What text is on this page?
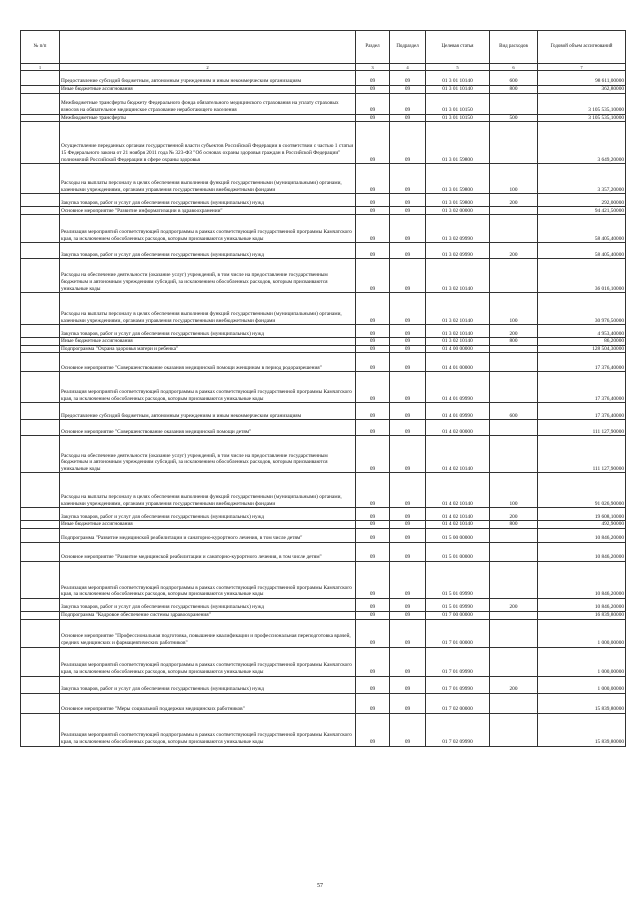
№ п/п		Раздел	Подраздел	Целевая статья	Вид расходов	Годовой объем ассигнований
1	2	3	4	5	6	7
	Предоставление субсидий бюджетным, автономным учреждениям и иным некоммерческим организациям	09	09	01 3 01 10140	600	98 611,00000
	Иные бюджетные ассигнования	09	09	01 3 01 10140	800	362,80000
	Межбюджетные трансферты бюджету Федерального фонда обязательного медицинского страхования на уплату страховых взносов на обязательное медицинское страхование неработающего населения	09	09	01 3 01 10150		3 105 535,10000
	Межбюджетные трансферты	09	09	01 3 01 10150	500	3 105 535,10000
	Осуществление переданных органам государственной власти субъектов Российской Федерации в соответствии с частью 1 статьи 15 Федерального закона от 21 ноября 2011 года № 323-ФЗ "Об основах охраны здоровья граждан в Российской Федерации" полномочий Российской Федерации в сфере охраны здоровья	09	09	01 3 01 59800		3 649,20000
	Расходы на выплаты персоналу в целях обеспечения выполнения функций государственными (муниципальными) органами, казенными учреждениями, органами управления государственными внебюджетными фондами	09	09	01 3 01 59800	100	3 357,20000
	Закупка товаров, работ и услуг для обеспечения государственных (муниципальных) нужд	09	09	01 3 01 59800	200	292,00000
	Основное мероприятие "Развитие информатизации в здравоохранении"	09	09	01 3 02 00000		94 421,50000
	Реализация мероприятий соответствующей подпрограммы в рамках соответствующей государственной программы Камчатского края, за исключением обособленных расходов, которым присваиваются уникальные коды	09	09	01 3 02 09990		58 405,40000
	Закупка товаров, работ и услуг для обеспечения государственных (муниципальных) нужд	09	09	01 3 02 09990	200	58 405,40000
	Расходы на обеспечение деятельности (оказание услуг) учреждений, в том числе на предоставление государственным бюджетным и автономным учреждениям субсидий, за исключением обособленных расходов, которым присваиваются уникальные коды	09	09	01 3 02 10140		36 016,10000
	Расходы на выплаты персоналу в целях обеспечения выполнения функций государственными (муниципальными) органами, казенными учреждениями, органами управления государственными внебюджетными фондами	09	09	01 3 02 10140	100	30 976,50000
	Закупка товаров, работ и услуг для обеспечения государственных (муниципальных) нужд	09	09	01 3 02 10140	200	4 953,40000
	Иные бюджетные ассигнования	09	09	01 3 02 10140	800	86,20000
	Подпрограмма "Охрана здоровья матери и ребенка"	09	09	01 4 00 00000		128 504,30000
	Основное мероприятие "Совершенствование оказания медицинской помощи женщинам в период родоразрешения"	09	09	01 4 01 00000		17 376,40000
	Реализация мероприятий соответствующей подпрограммы в рамках соответствующей государственной программы Камчатского края, за исключением обособленных расходов, которым присваиваются уникальные коды	09	09	01 4 01 09990		17 376,40000
	Предоставление субсидий бюджетным, автономным учреждениям и иным некоммерческим организациям	09	09	01 4 01 09990	600	17 376,40000
	Основное мероприятие "Совершенствование оказания медицинской помощи детям"	09	09	01 4 02 00000		111 127,90000
	Расходы на обеспечение деятельности (оказание услуг) учреждений, в том числе на предоставление государственным бюджетным и автономным учреждениям субсидий, за исключением обособленных расходов, которым присваиваются уникальные коды	09	09	01 4 02 10140		111 127,90000
	Расходы на выплаты персоналу в целях обеспечения выполнения функций государственными (муниципальными) органами, казенными учреждениями, органами управления государственными внебюджетными фондами	09	09	01 4 02 10140	100	91 026,90000
	Закупка товаров, работ и услуг для обеспечения государственных (муниципальных) нужд	09	09	01 4 02 10140	200	19 608,10000
	Иные бюджетные ассигнования	09	09	01 4 02 10140	800	492,90000
	Подпрограмма "Развитие медицинской реабилитации и санаторно-курортного лечения, в том числе детям"	09	09	01 5 00 00000		10 846,20000
	Основное мероприятие "Развитие медицинской реабилитации и санаторно-курортного лечения, в том числе детям"	09	09	01 5 01 00000		10 846,20000
	Реализация мероприятий соответствующей подпрограммы в рамках соответствующей государственной программы Камчатского края, за исключением обособленных расходов, которым присваиваются уникальные коды	09	09	01 5 01 09990		10 846,20000
	Закупка товаров, работ и услуг для обеспечения государственных (муниципальных) нужд	09	09	01 5 01 09990	200	10 846,20000
	Подпрограмма "Кадровое обеспечение системы здравоохранения"	09	09	01 7 00 00000		16 839,80000
	Основное мероприятие "Профессиональная подготовка, повышение квалификации и профессиональная переподготовка врачей, средних медицинских и фармацевтических работников"	09	09	01 7 01 00000		1 000,00000
	Реализация мероприятий соответствующей подпрограммы в рамках соответствующей государственной программы Камчатского края, за исключением обособленных расходов, которым присваиваются уникальные коды	09	09	01 7 01 09990		1 000,00000
	Закупка товаров, работ и услуг для обеспечения государственных (муниципальных) нужд	09	09	01 7 01 09990	200	1 000,00000
	Основное мероприятие "Меры социальной поддержки медицинских работников"	09	09	01 7 02 00000		15 839,80000
	Реализация мероприятий соответствующей подпрограммы в рамках соответствующей государственной программы Камчатского края, за исключением обособленных расходов, которым присваиваются уникальные коды	09	09	01 7 02 09990		15 839,80000
57
